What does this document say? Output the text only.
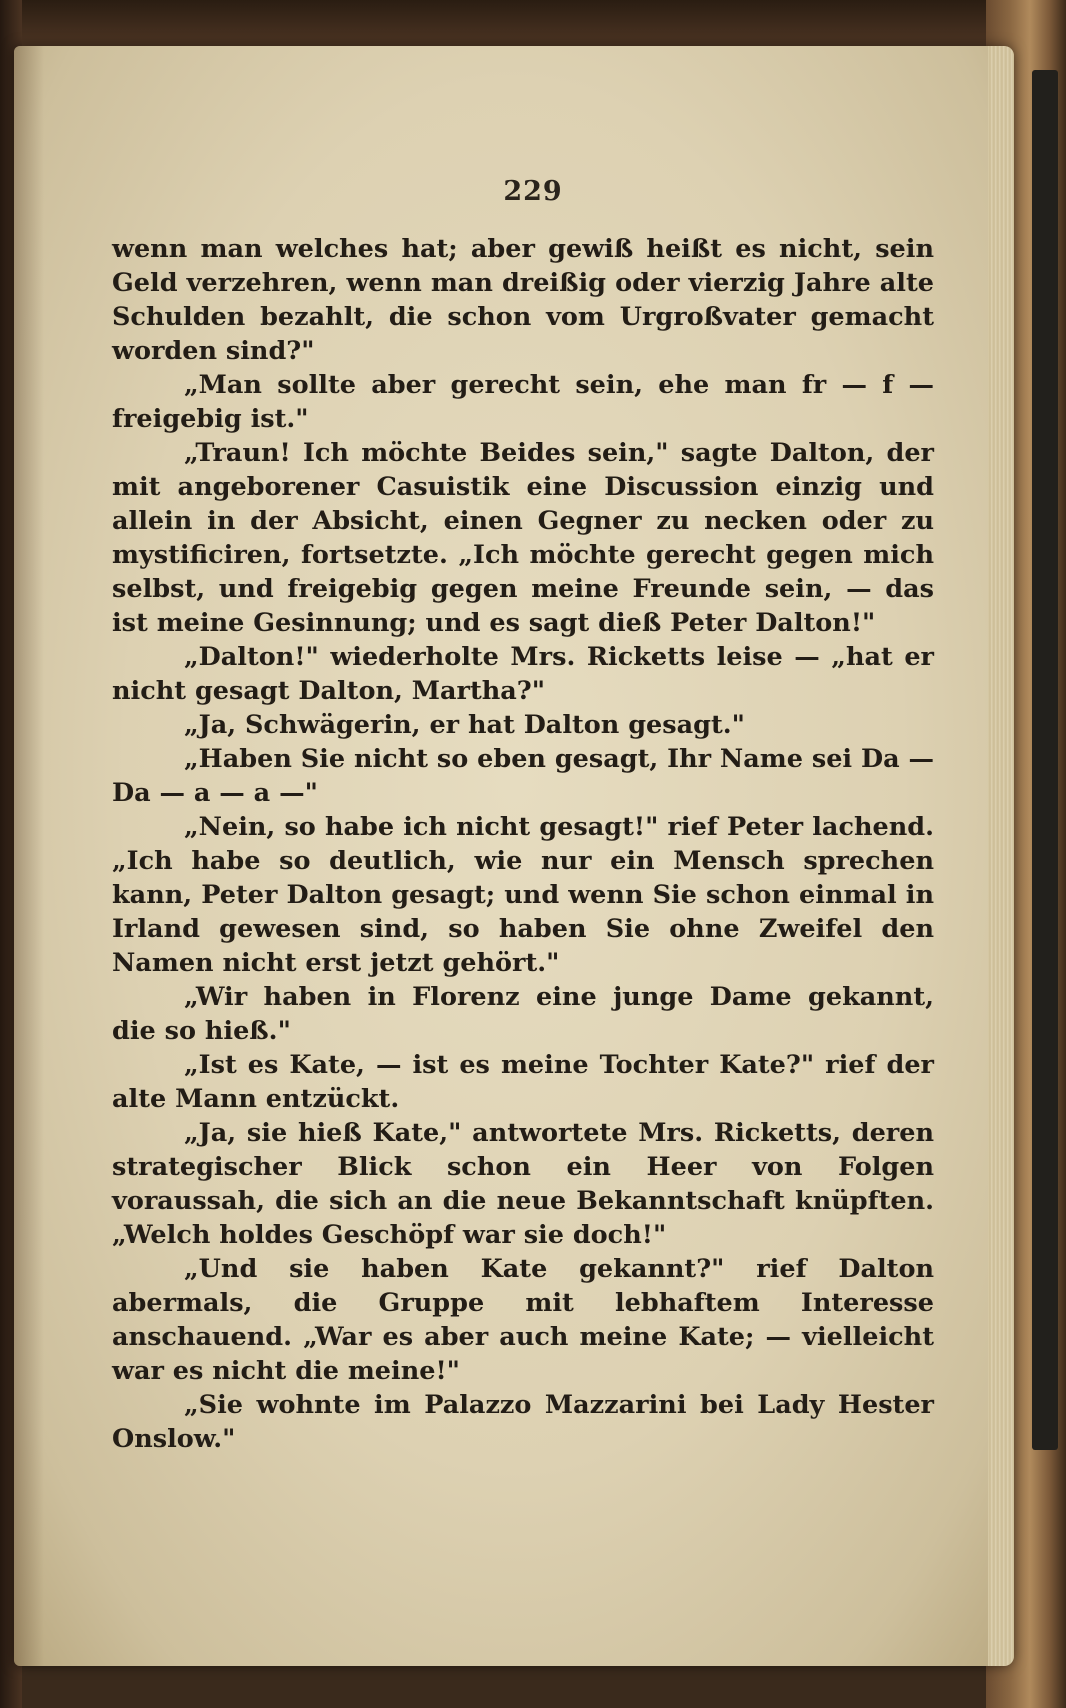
229

wenn man welches hat; aber gewiß heißt es nicht, sein Geld verzehren, wenn man dreißig oder vierzig Jahre alte Schulden bezahlt, die schon vom Urgroßvater gemacht worden sind?"

„Man sollte aber gerecht sein, ehe man fr — f — freigebig ist."

„Traun! Ich möchte Beides sein," sagte Dalton, der mit angeborener Casuistik eine Discussion einzig und allein in der Absicht, einen Gegner zu necken oder zu mystificiren, fortsetzte. „Ich möchte gerecht gegen mich selbst, und freigebig gegen meine Freunde sein, — das ist meine Gesinnung; und es sagt dieß Peter Dalton!"

„Dalton!" wiederholte Mrs. Ricketts leise — „hat er nicht gesagt Dalton, Martha?"

„Ja, Schwägerin, er hat Dalton gesagt."

„Haben Sie nicht so eben gesagt, Ihr Name sei Da — Da — a — a —"

„Nein, so habe ich nicht gesagt!" rief Peter lachend. „Ich habe so deutlich, wie nur ein Mensch sprechen kann, Peter Dalton gesagt; und wenn Sie schon einmal in Irland gewesen sind, so haben Sie ohne Zweifel den Namen nicht erst jetzt gehört."

„Wir haben in Florenz eine junge Dame gekannt, die so hieß."

„Ist es Kate, — ist es meine Tochter Kate?" rief der alte Mann entzückt.

„Ja, sie hieß Kate," antwortete Mrs. Ricketts, deren strategischer Blick schon ein Heer von Folgen voraussah, die sich an die neue Bekanntschaft knüpften. „Welch holdes Geschöpf war sie doch!"

„Und sie haben Kate gekannt?" rief Dalton abermals, die Gruppe mit lebhaftem Interesse anschauend. „War es aber auch meine Kate; — vielleicht war es nicht die meine!"

„Sie wohnte im Palazzo Mazzarini bei Lady Hester Onslow."
